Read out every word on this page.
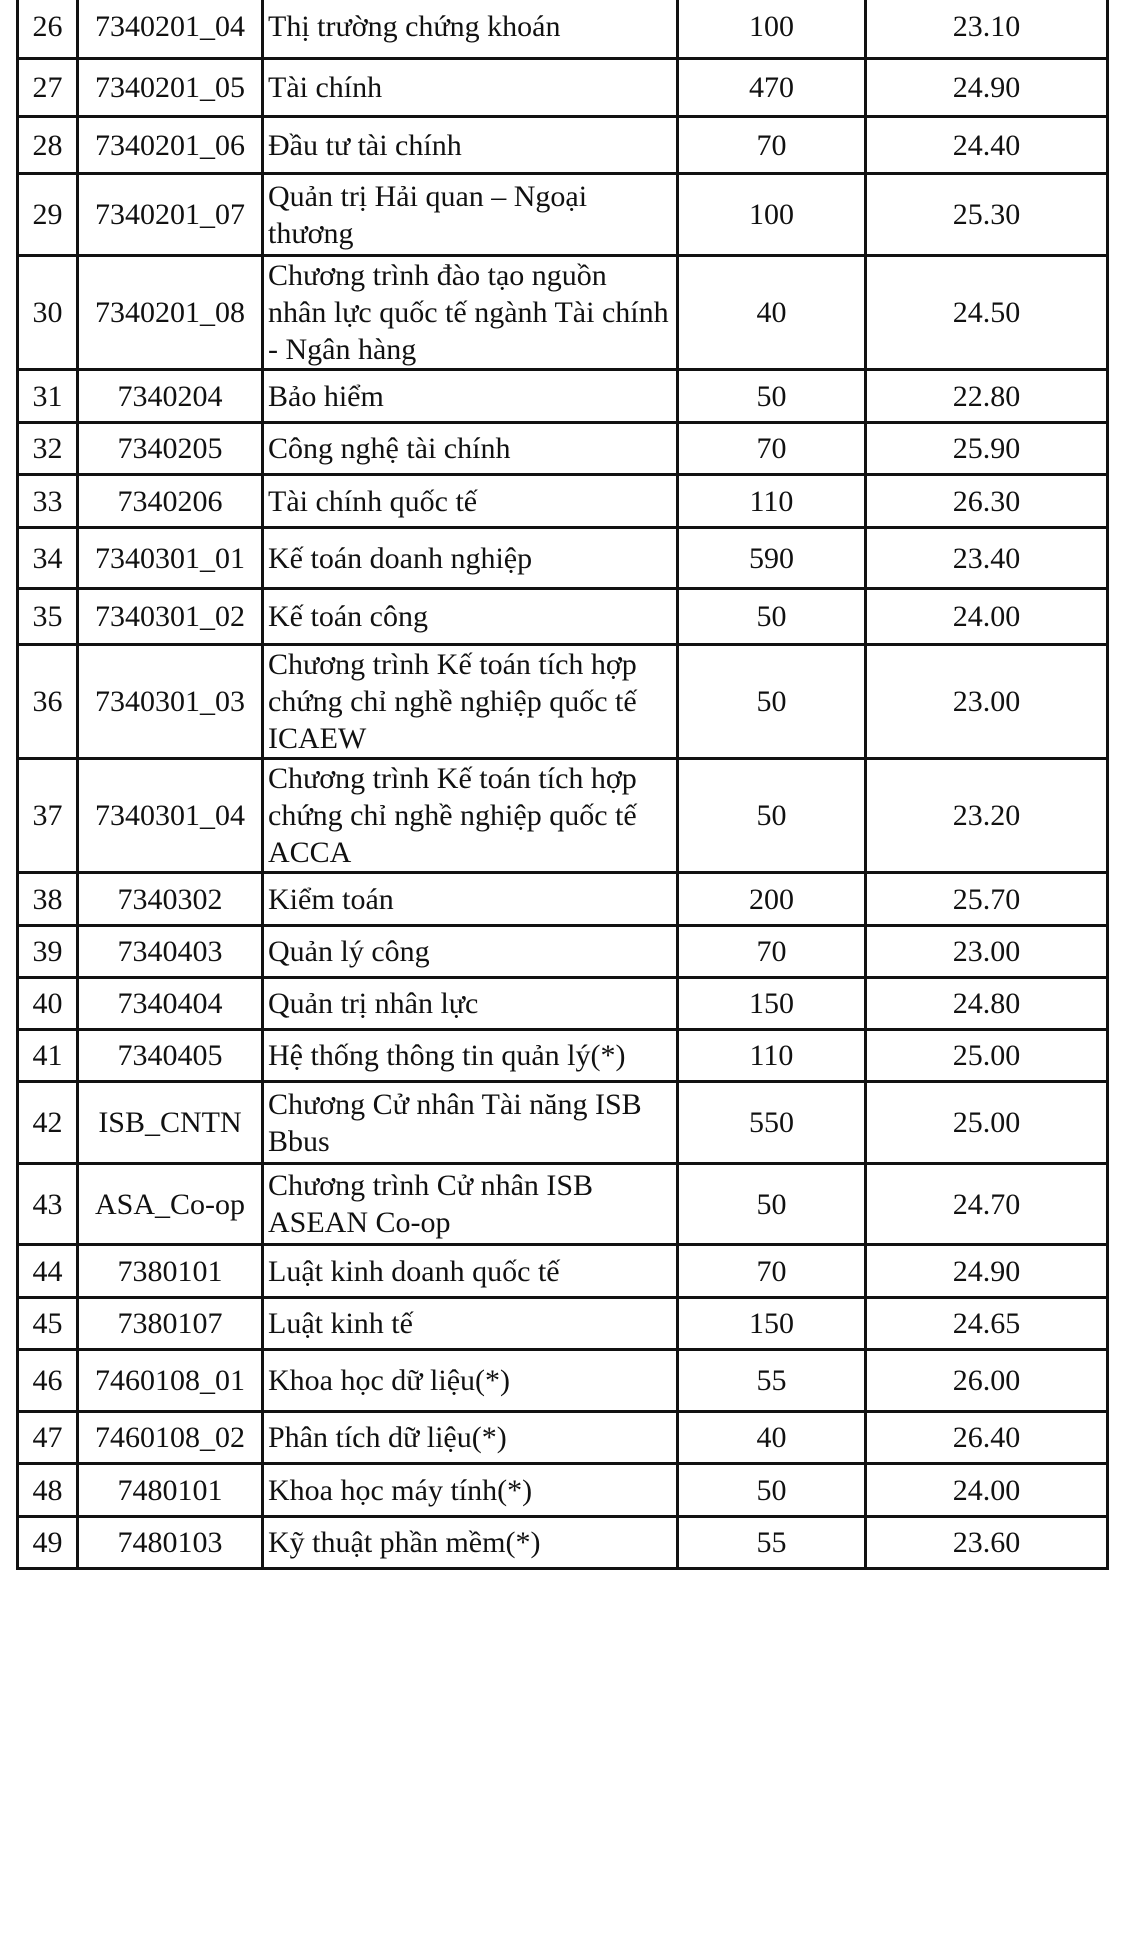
26	7340201_04	Thị trường chứng khoán	100	23.10
27	7340201_05	Tài chính	470	24.90
28	7340201_06	Đầu tư tài chính	70	24.40
29	7340201_07	Quản trị Hải quan – Ngoại thương	100	25.30
30	7340201_08	Chương trình đào tạo nguồn nhân lực quốc tế ngành Tài chính - Ngân hàng	40	24.50
31	7340204	Bảo hiểm	50	22.80
32	7340205	Công nghệ tài chính	70	25.90
33	7340206	Tài chính quốc tế	110	26.30
34	7340301_01	Kế toán doanh nghiệp	590	23.40
35	7340301_02	Kế toán công	50	24.00
36	7340301_03	Chương trình Kế toán tích hợp chứng chỉ nghề nghiệp quốc tế ICAEW	50	23.00
37	7340301_04	Chương trình Kế toán tích hợp chứng chỉ nghề nghiệp quốc tế ACCA	50	23.20
38	7340302	Kiểm toán	200	25.70
39	7340403	Quản lý công	70	23.00
40	7340404	Quản trị nhân lực	150	24.80
41	7340405	Hệ thống thông tin quản lý(*)	110	25.00
42	ISB_CNTN	Chương Cử nhân Tài năng ISB Bbus	550	25.00
43	ASA_Co-op	Chương trình Cử nhân ISB ASEAN Co-op	50	24.70
44	7380101	Luật kinh doanh quốc tế	70	24.90
45	7380107	Luật kinh tế	150	24.65
46	7460108_01	Khoa học dữ liệu(*)	55	26.00
47	7460108_02	Phân tích dữ liệu(*)	40	26.40
48	7480101	Khoa học máy tính(*)	50	24.00
49	7480103	Kỹ thuật phần mềm(*)	55	23.60
